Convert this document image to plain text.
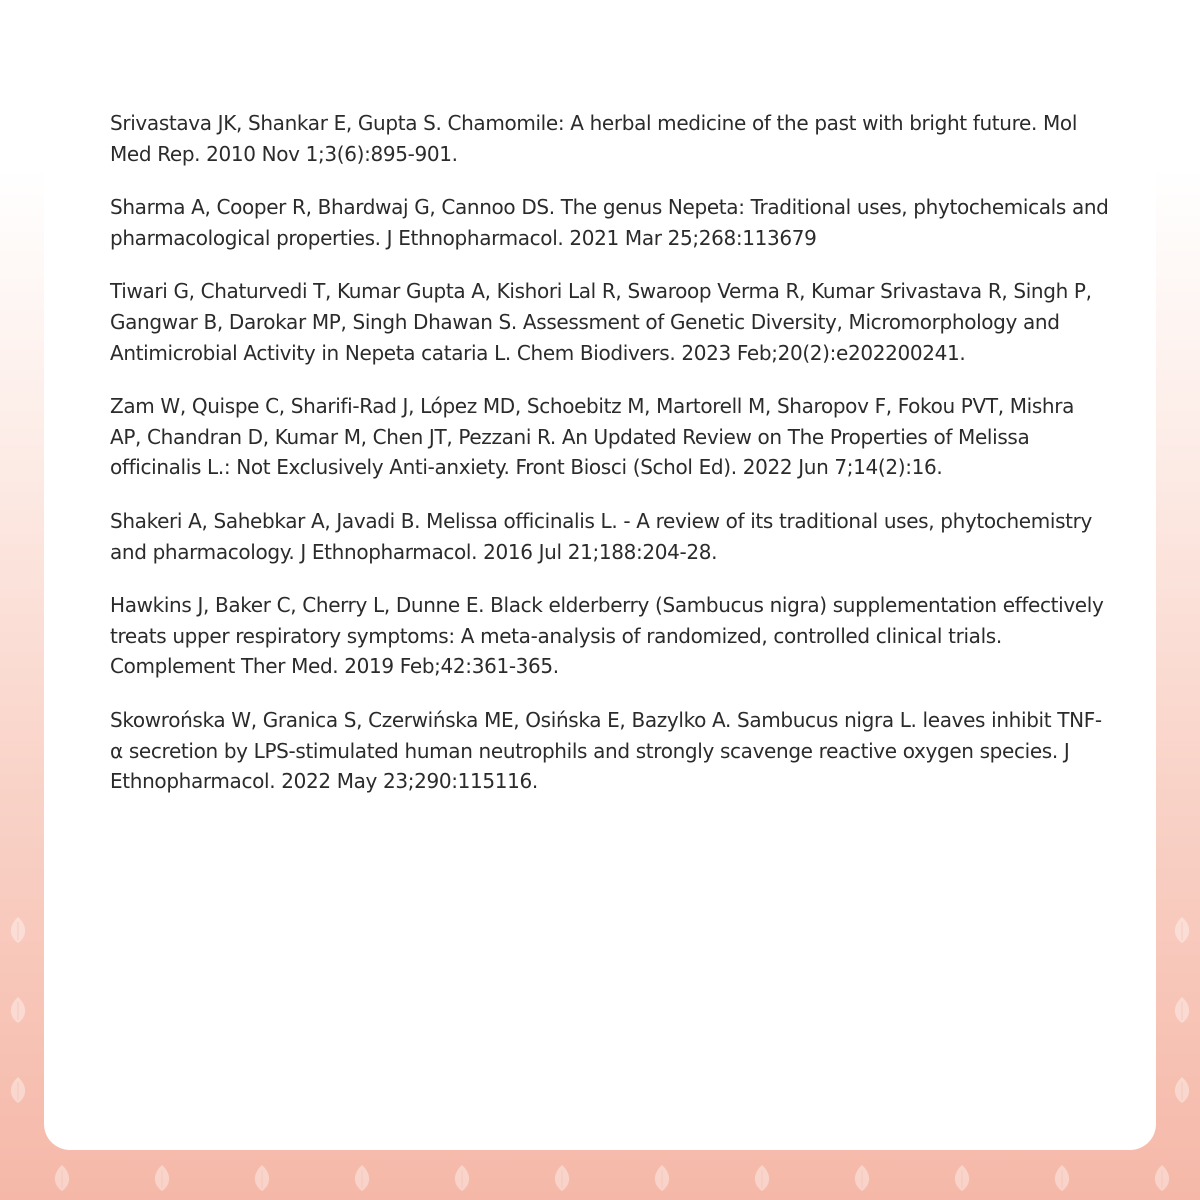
Srivastava JK, Shankar E, Gupta S. Chamomile: A herbal medicine of the past with bright future. Mol Med Rep. 2010 Nov 1;3(6):895-901.
Sharma A, Cooper R, Bhardwaj G, Cannoo DS. The genus Nepeta: Traditional uses, phytochemicals and pharmacological properties. J Ethnopharmacol. 2021 Mar 25;268:113679
Tiwari G, Chaturvedi T, Kumar Gupta A, Kishori Lal R, Swaroop Verma R, Kumar Srivastava R, Singh P, Gangwar B, Darokar MP, Singh Dhawan S. Assessment of Genetic Diversity, Micromorphology and Antimicrobial Activity in Nepeta cataria L. Chem Biodivers. 2023 Feb;20(2):e202200241.
Zam W, Quispe C, Sharifi-Rad J, López MD, Schoebitz M, Martorell M, Sharopov F, Fokou PVT, Mishra AP, Chandran D, Kumar M, Chen JT, Pezzani R. An Updated Review on The Properties of Melissa officinalis L.: Not Exclusively Anti-anxiety. Front Biosci (Schol Ed). 2022 Jun 7;14(2):16.
Shakeri A, Sahebkar A, Javadi B. Melissa officinalis L. - A review of its traditional uses, phytochemistry and pharmacology. J Ethnopharmacol. 2016 Jul 21;188:204-28.
Hawkins J, Baker C, Cherry L, Dunne E. Black elderberry (Sambucus nigra) supplementation effectively treats upper respiratory symptoms: A meta-analysis of randomized, controlled clinical trials. Complement Ther Med. 2019 Feb;42:361-365.
Skowrońska W, Granica S, Czerwińska ME, Osińska E, Bazylko A. Sambucus nigra L. leaves inhibit TNF-α secretion by LPS-stimulated human neutrophils and strongly scavenge reactive oxygen species. J Ethnopharmacol. 2022 May 23;290:115116.
